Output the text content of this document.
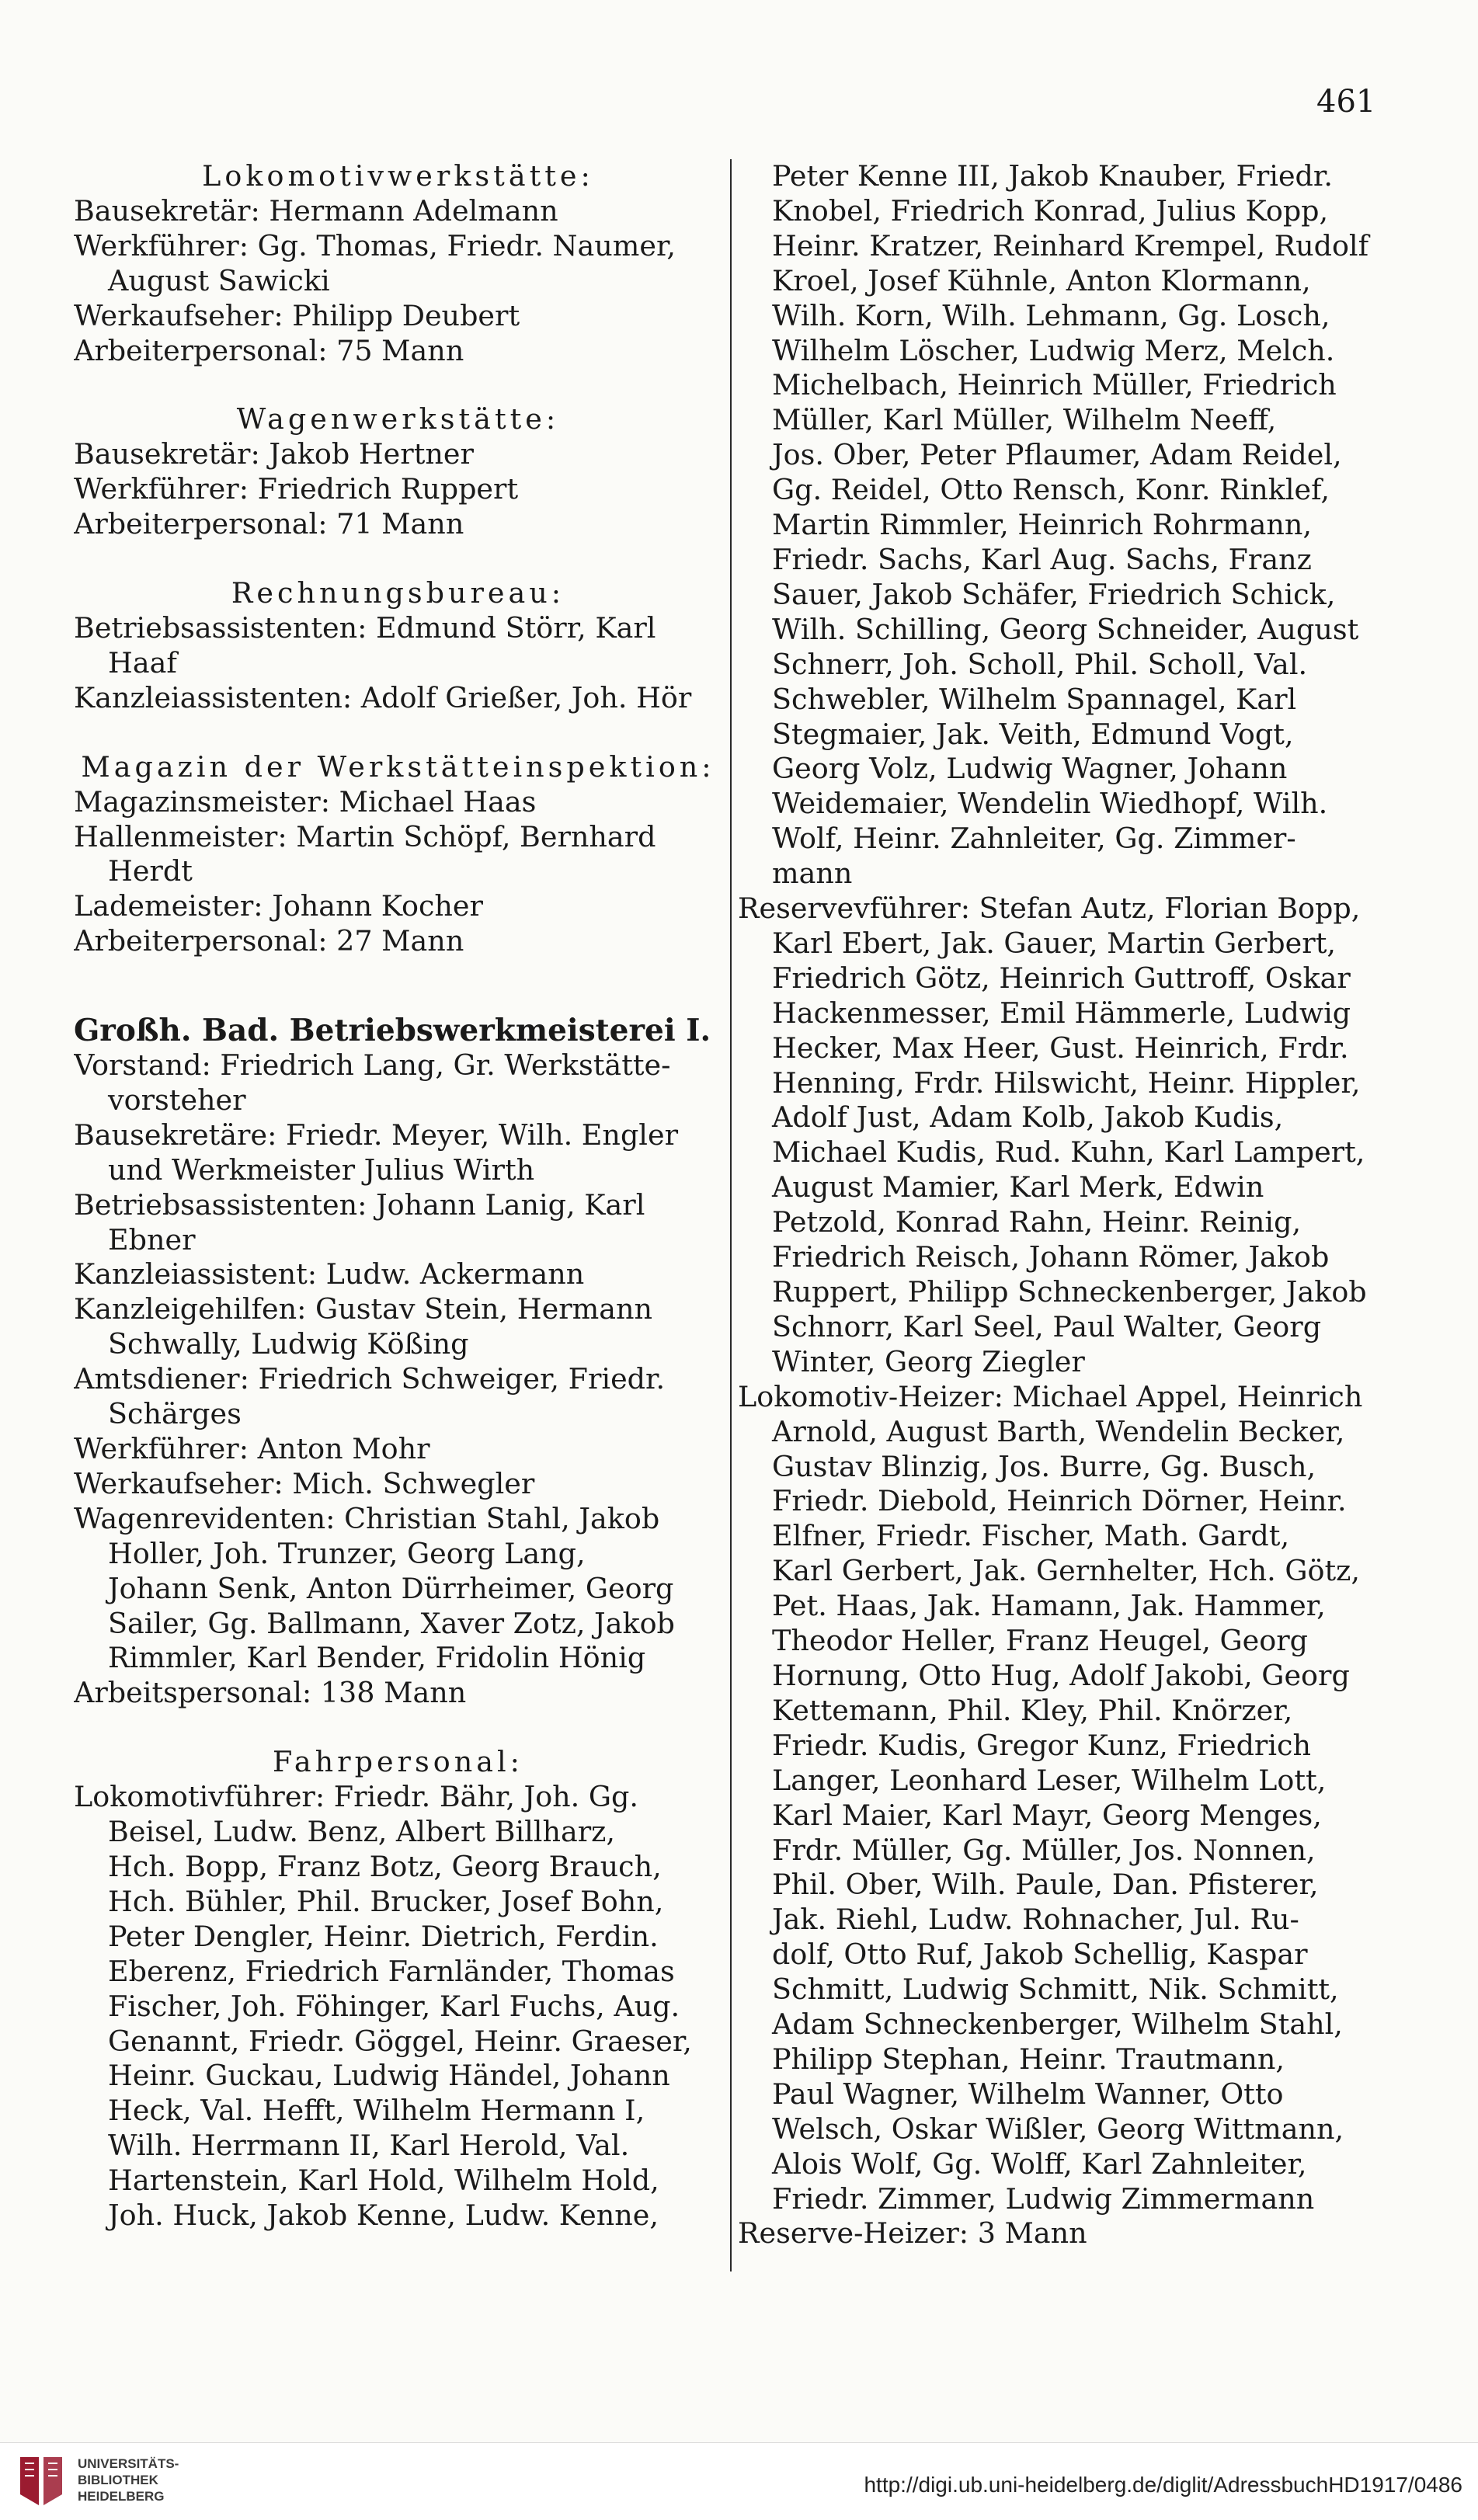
461
Lokomotivwerkstätte:
Bausekretär: Hermann Adelmann
Werkführer: Gg. Thomas, Friedr. Naumer,
August Sawicki
Werkaufseher: Philipp Deubert
Arbeiterpersonal: 75 Mann
Wagenwerkstätte:
Bausekretär: Jakob Hertner
Werkführer: Friedrich Ruppert
Arbeiterpersonal: 71 Mann
Rechnungsbureau:
Betriebsassistenten: Edmund Störr, Karl
Haaf
Kanzleiassistenten: Adolf Grießer, Joh. Hör
Magazin der Werkstätteinspektion:
Magazinsmeister: Michael Haas
Hallenmeister: Martin Schöpf, Bernhard
Herdt
Lademeister: Johann Kocher
Arbeiterpersonal: 27 Mann
Großh. Bad. Betriebswerkmeisterei I.
Vorstand: Friedrich Lang, Gr. Werkstätte-
vorsteher
Bausekretäre: Friedr. Meyer, Wilh. Engler
und Werkmeister Julius Wirth
Betriebsassistenten: Johann Lanig, Karl
Ebner
Kanzleiassistent: Ludw. Ackermann
Kanzleigehilfen: Gustav Stein, Hermann
Schwally, Ludwig Kößing
Amtsdiener: Friedrich Schweiger, Friedr.
Schärges
Werkführer: Anton Mohr
Werkaufseher: Mich. Schwegler
Wagenrevidenten: Christian Stahl, Jakob
Holler, Joh. Trunzer, Georg Lang,
Johann Senk, Anton Dürrheimer, Georg
Sailer, Gg. Ballmann, Xaver Zotz, Jakob
Rimmler, Karl Bender, Fridolin Hönig
Arbeitspersonal: 138 Mann
Fahrpersonal:
Lokomotivführer: Friedr. Bähr, Joh. Gg.
Beisel, Ludw. Benz, Albert Billharz,
Hch. Bopp, Franz Botz, Georg Brauch,
Hch. Bühler, Phil. Brucker, Josef Bohn,
Peter Dengler, Heinr. Dietrich, Ferdin.
Eberenz, Friedrich Farnländer, Thomas
Fischer, Joh. Föhinger, Karl Fuchs, Aug.
Genannt, Friedr. Göggel, Heinr. Graeser,
Heinr. Guckau, Ludwig Händel, Johann
Heck, Val. Hefft, Wilhelm Hermann I,
Wilh. Herrmann II, Karl Herold, Val.
Hartenstein, Karl Hold, Wilhelm Hold,
Joh. Huck, Jakob Kenne, Ludw. Kenne,
Peter Kenne III, Jakob Knauber, Friedr.
Knobel, Friedrich Konrad, Julius Kopp,
Heinr. Kratzer, Reinhard Krempel, Rudolf
Kroel, Josef Kühnle, Anton Klormann,
Wilh. Korn, Wilh. Lehmann, Gg. Losch,
Wilhelm Löscher, Ludwig Merz, Melch.
Michelbach, Heinrich Müller, Friedrich
Müller, Karl Müller, Wilhelm Neeff,
Jos. Ober, Peter Pflaumer, Adam Reidel,
Gg. Reidel, Otto Rensch, Konr. Rinklef,
Martin Rimmler, Heinrich Rohrmann,
Friedr. Sachs, Karl Aug. Sachs, Franz
Sauer, Jakob Schäfer, Friedrich Schick,
Wilh. Schilling, Georg Schneider, August
Schnerr, Joh. Scholl, Phil. Scholl, Val.
Schwebler, Wilhelm Spannagel, Karl
Stegmaier, Jak. Veith, Edmund Vogt,
Georg Volz, Ludwig Wagner, Johann
Weidemaier, Wendelin Wiedhopf, Wilh.
Wolf, Heinr. Zahnleiter, Gg. Zimmer-
mann
Reservevführer: Stefan Autz, Florian Bopp,
Karl Ebert, Jak. Gauer, Martin Gerbert,
Friedrich Götz, Heinrich Guttroff, Oskar
Hackenmesser, Emil Hämmerle, Ludwig
Hecker, Max Heer, Gust. Heinrich, Frdr.
Henning, Frdr. Hilswicht, Heinr. Hippler,
Adolf Just, Adam Kolb, Jakob Kudis,
Michael Kudis, Rud. Kuhn, Karl Lampert,
August Mamier, Karl Merk, Edwin
Petzold, Konrad Rahn, Heinr. Reinig,
Friedrich Reisch, Johann Römer, Jakob
Ruppert, Philipp Schneckenberger, Jakob
Schnorr, Karl Seel, Paul Walter, Georg
Winter, Georg Ziegler
Lokomotiv-Heizer: Michael Appel, Heinrich
Arnold, August Barth, Wendelin Becker,
Gustav Blinzig, Jos. Burre, Gg. Busch,
Friedr. Diebold, Heinrich Dörner, Heinr.
Elfner, Friedr. Fischer, Math. Gardt,
Karl Gerbert, Jak. Gernhelter, Hch. Götz,
Pet. Haas, Jak. Hamann, Jak. Hammer,
Theodor Heller, Franz Heugel, Georg
Hornung, Otto Hug, Adolf Jakobi, Georg
Kettemann, Phil. Kley, Phil. Knörzer,
Friedr. Kudis, Gregor Kunz, Friedrich
Langer, Leonhard Leser, Wilhelm Lott,
Karl Maier, Karl Mayr, Georg Menges,
Frdr. Müller, Gg. Müller, Jos. Nonnen,
Phil. Ober, Wilh. Paule, Dan. Pfisterer,
Jak. Riehl, Ludw. Rohnacher, Jul. Ru-
dolf, Otto Ruf, Jakob Schellig, Kaspar
Schmitt, Ludwig Schmitt, Nik. Schmitt,
Adam Schneckenberger, Wilhelm Stahl,
Philipp Stephan, Heinr. Trautmann,
Paul Wagner, Wilhelm Wanner, Otto
Welsch, Oskar Wißler, Georg Wittmann,
Alois Wolf, Gg. Wolff, Karl Zahnleiter,
Friedr. Zimmer, Ludwig Zimmermann
Reserve-Heizer: 3 Mann
UNIVERSITÄTS-
BIBLIOTHEK
HEIDELBERG	http://digi.ub.uni-heidelberg.de/diglit/AdressbuchHD1917/0486
